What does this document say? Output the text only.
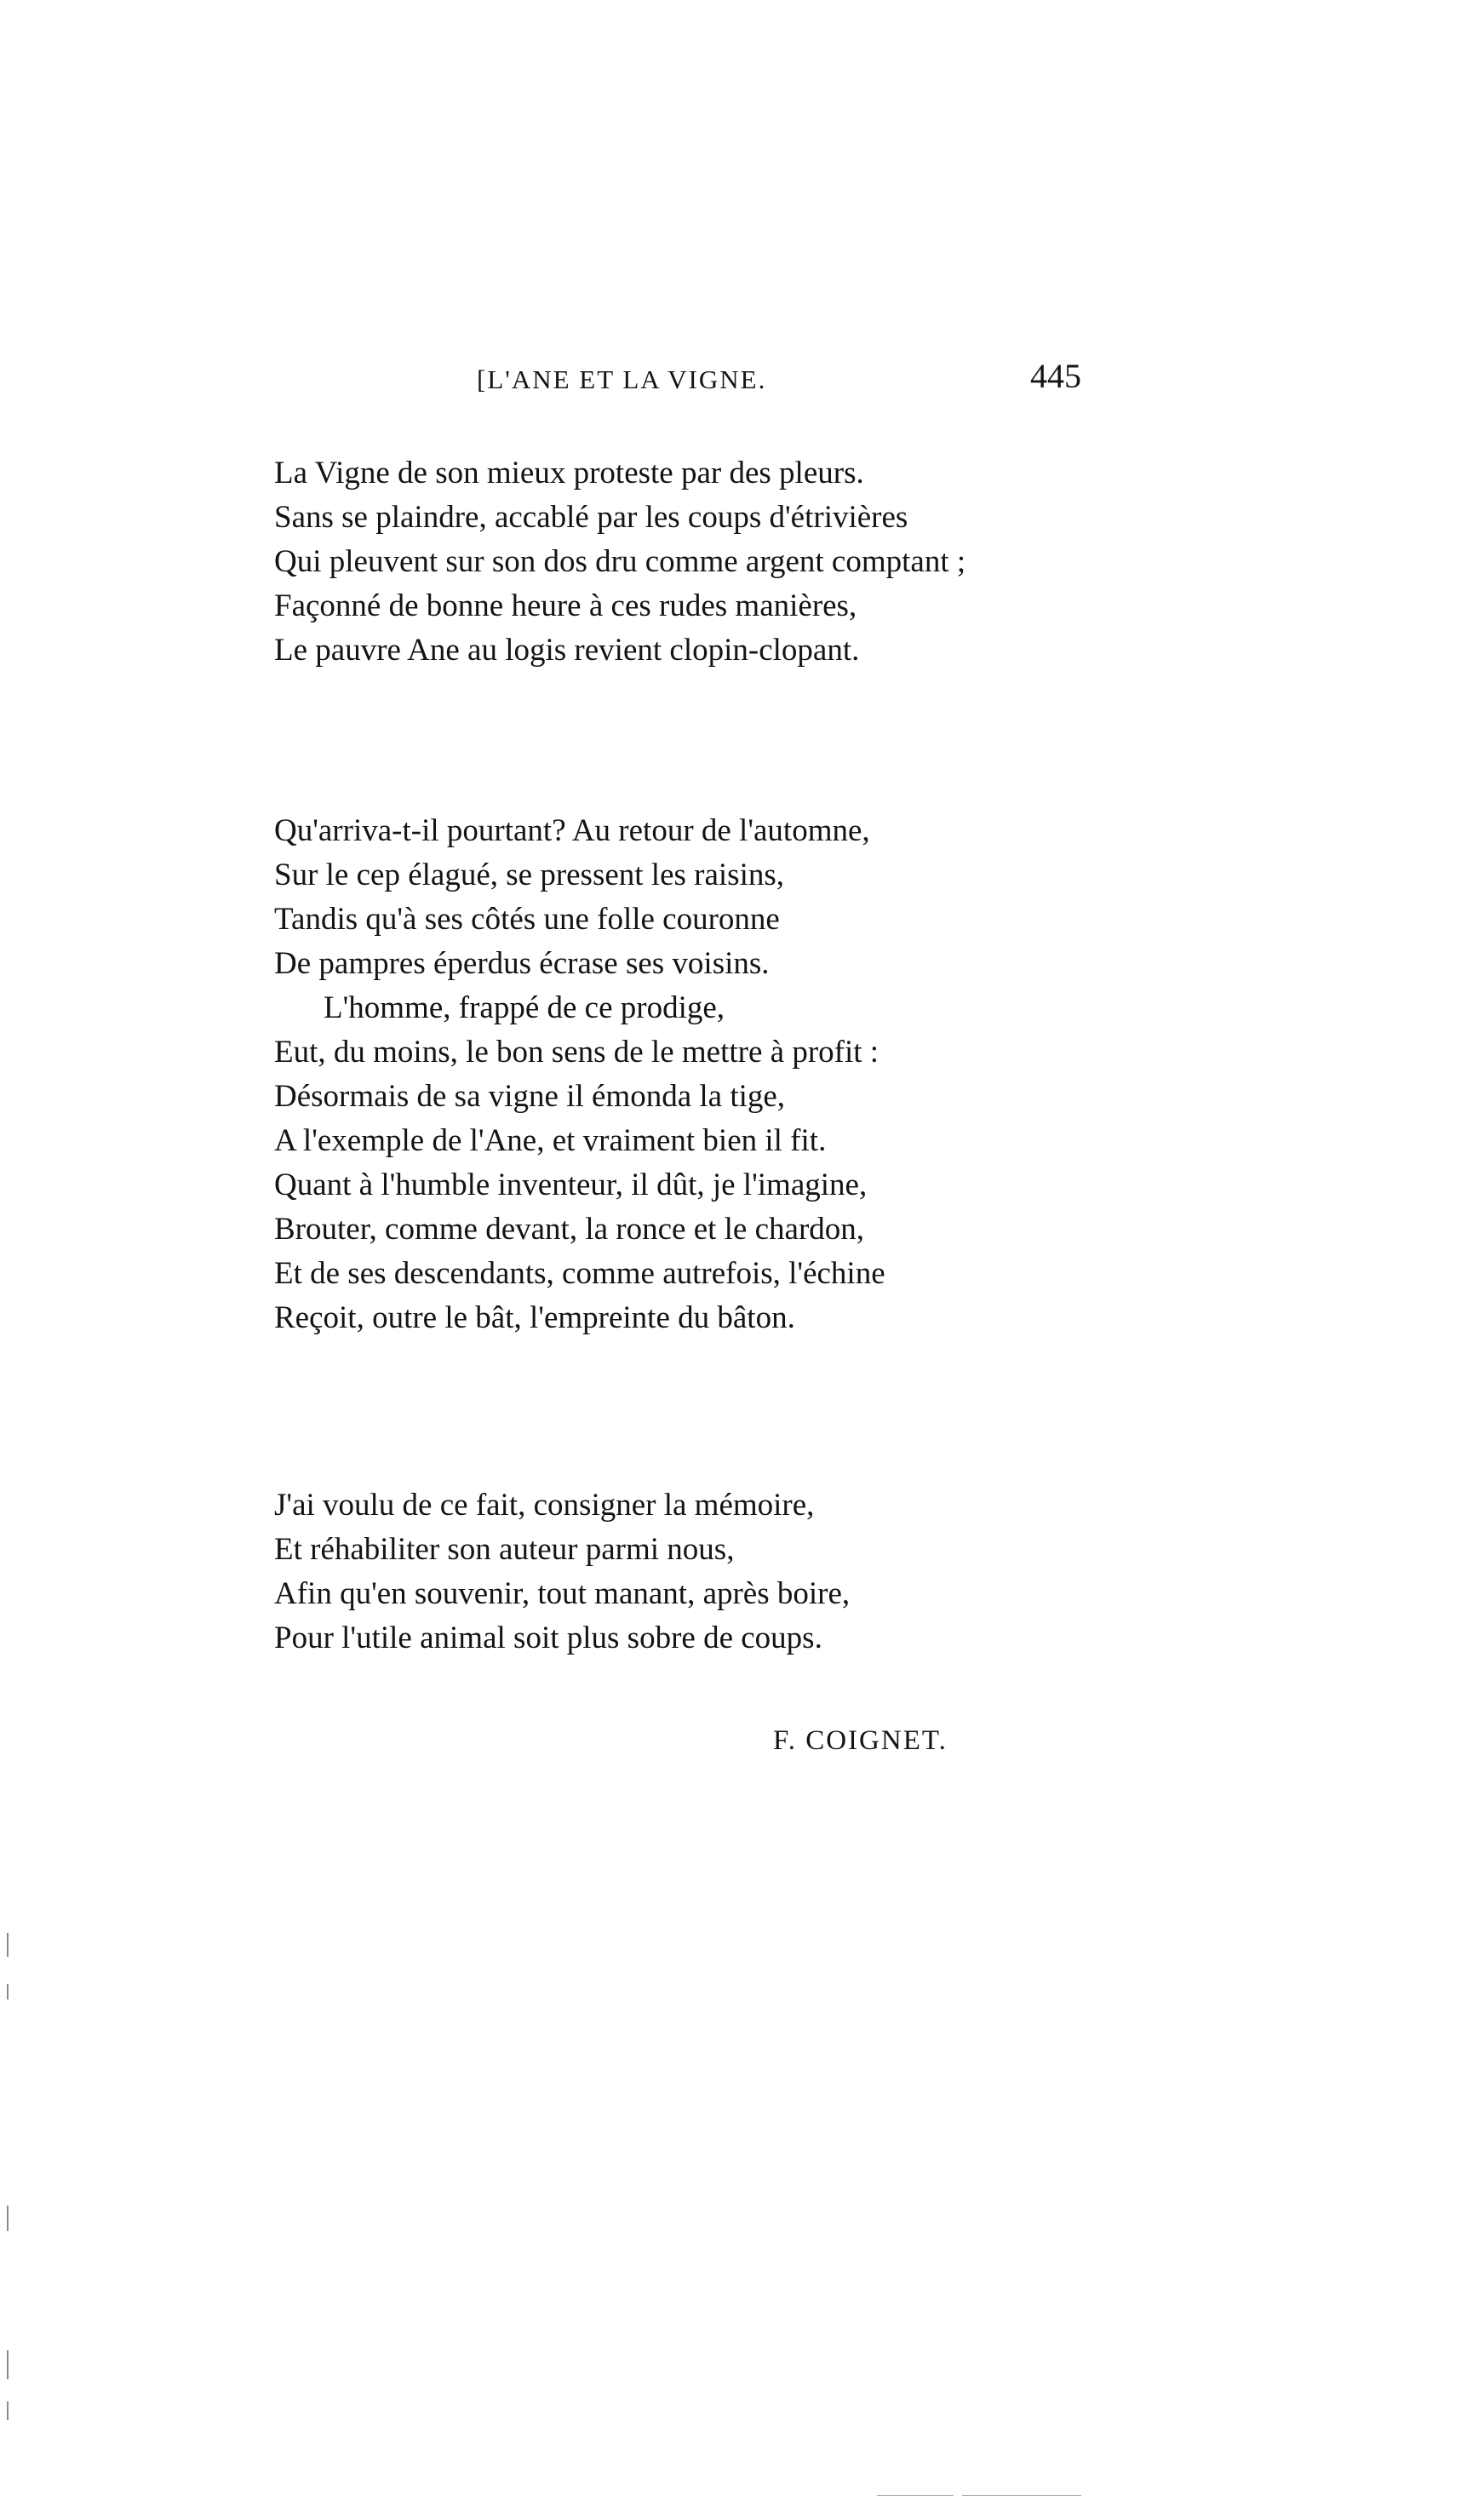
[L'ANE ET LA VIGNE.	445
La Vigne de son mieux proteste par des pleurs.
Sans se plaindre, accablé par les coups d'étrivières
Qui pleuvent sur son dos dru comme argent comptant ;
Façonné de bonne heure à ces rudes manières,
Le pauvre Ane au logis revient clopin-clopant.
Qu'arriva-t-il pourtant? Au retour de l'automne,
Sur le cep élagué, se pressent les raisins,
Tandis qu'à ses côtés une folle couronne
De pampres éperdus écrase ses voisins.
L'homme, frappé de ce prodige,
Eut, du moins, le bon sens de le mettre à profit :
Désormais de sa vigne il émonda la tige,
A l'exemple de l'Ane, et vraiment bien il fit.
Quant à l'humble inventeur, il dût, je l'imagine,
Brouter, comme devant, la ronce et le chardon,
Et de ses descendants, comme autrefois, l'échine
Reçoit, outre le bât, l'empreinte du bâton.
J'ai voulu de ce fait, consigner la mémoire,
Et réhabiliter son auteur parmi nous,
Afin qu'en souvenir, tout manant, après boire,
Pour l'utile animal soit plus sobre de coups.
F. COIGNET.
